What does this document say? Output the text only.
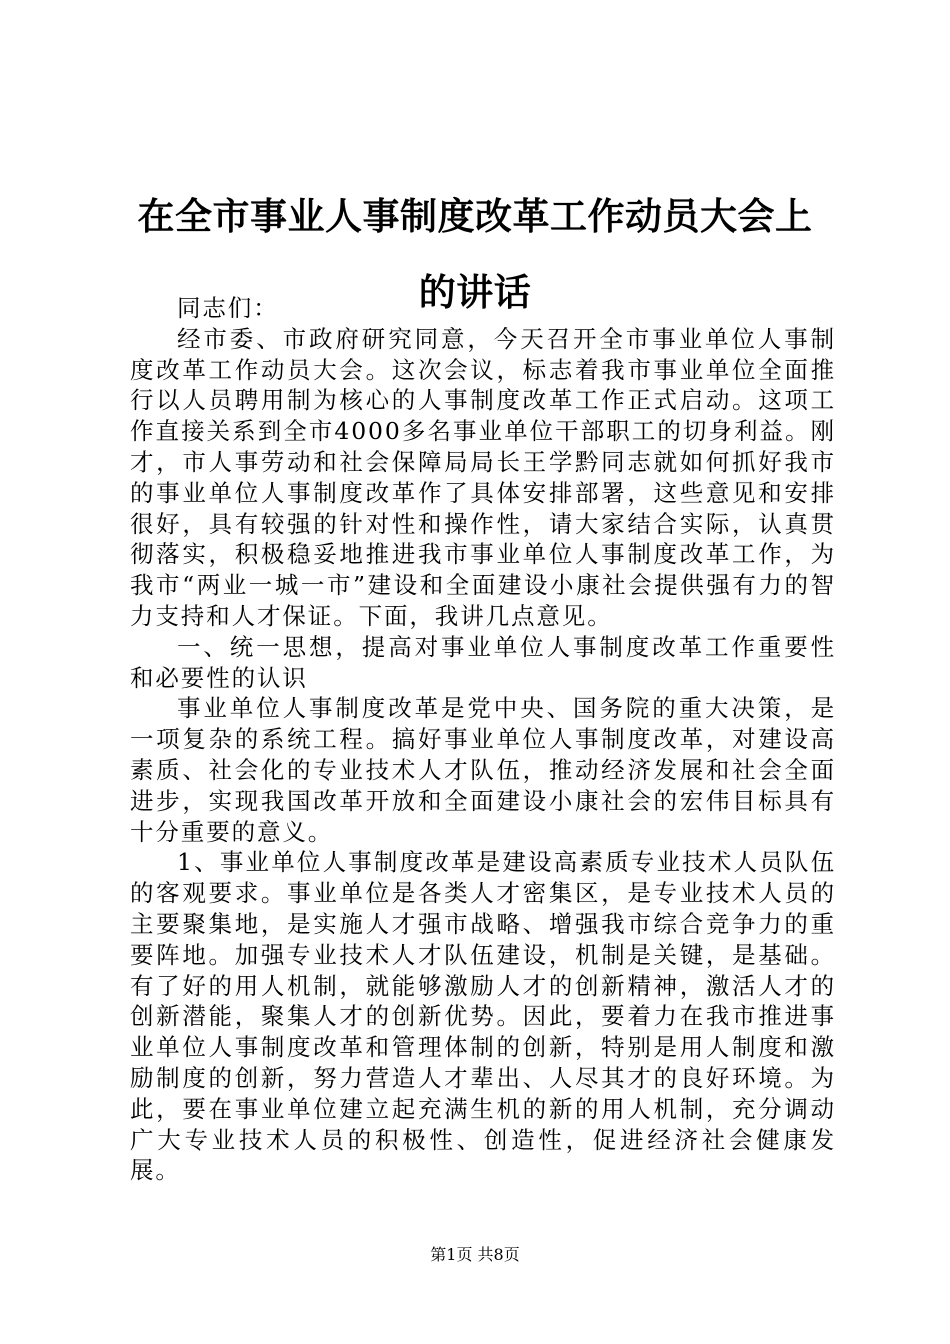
在全市事业人事制度改革工作动员大会上的讲话

同志们：

经市委、市政府研究同意，今天召开全市事业单位人事制度改革工作动员大会。这次会议，标志着我市事业单位全面推行以人员聘用制为核心的人事制度改革工作正式启动。这项工作直接关系到全市4000多名事业单位干部职工的切身利益。刚才，市人事劳动和社会保障局局长王学黔同志就如何抓好我市的事业单位人事制度改革作了具体安排部署，这些意见和安排很好，具有较强的针对性和操作性，请大家结合实际，认真贯彻落实，积极稳妥地推进我市事业单位人事制度改革工作，为我市“两业一城一市”建设和全面建设小康社会提供强有力的智力支持和人才保证。下面，我讲几点意见。

一、统一思想，提高对事业单位人事制度改革工作重要性和必要性的认识

事业单位人事制度改革是党中央、国务院的重大决策，是一项复杂的系统工程。搞好事业单位人事制度改革，对建设高素质、社会化的专业技术人才队伍，推动经济发展和社会全面进步，实现我国改革开放和全面建设小康社会的宏伟目标具有十分重要的意义。

1、事业单位人事制度改革是建设高素质专业技术人员队伍的客观要求。事业单位是各类人才密集区，是专业技术人员的主要聚集地，是实施人才强市战略、增强我市综合竞争力的重要阵地。加强专业技术人才队伍建设，机制是关键，是基础。有了好的用人机制，就能够激励人才的创新精神，激活人才的创新潜能，聚集人才的创新优势。因此，要着力在我市推进事业单位人事制度改革和管理体制的创新，特别是用人制度和激励制度的创新，努力营造人才辈出、人尽其才的良好环境。为此，要在事业单位建立起充满生机的新的用人机制，充分调动广大专业技术人员的积极性、创造性，促进经济社会健康发展。

第1页 共8页
